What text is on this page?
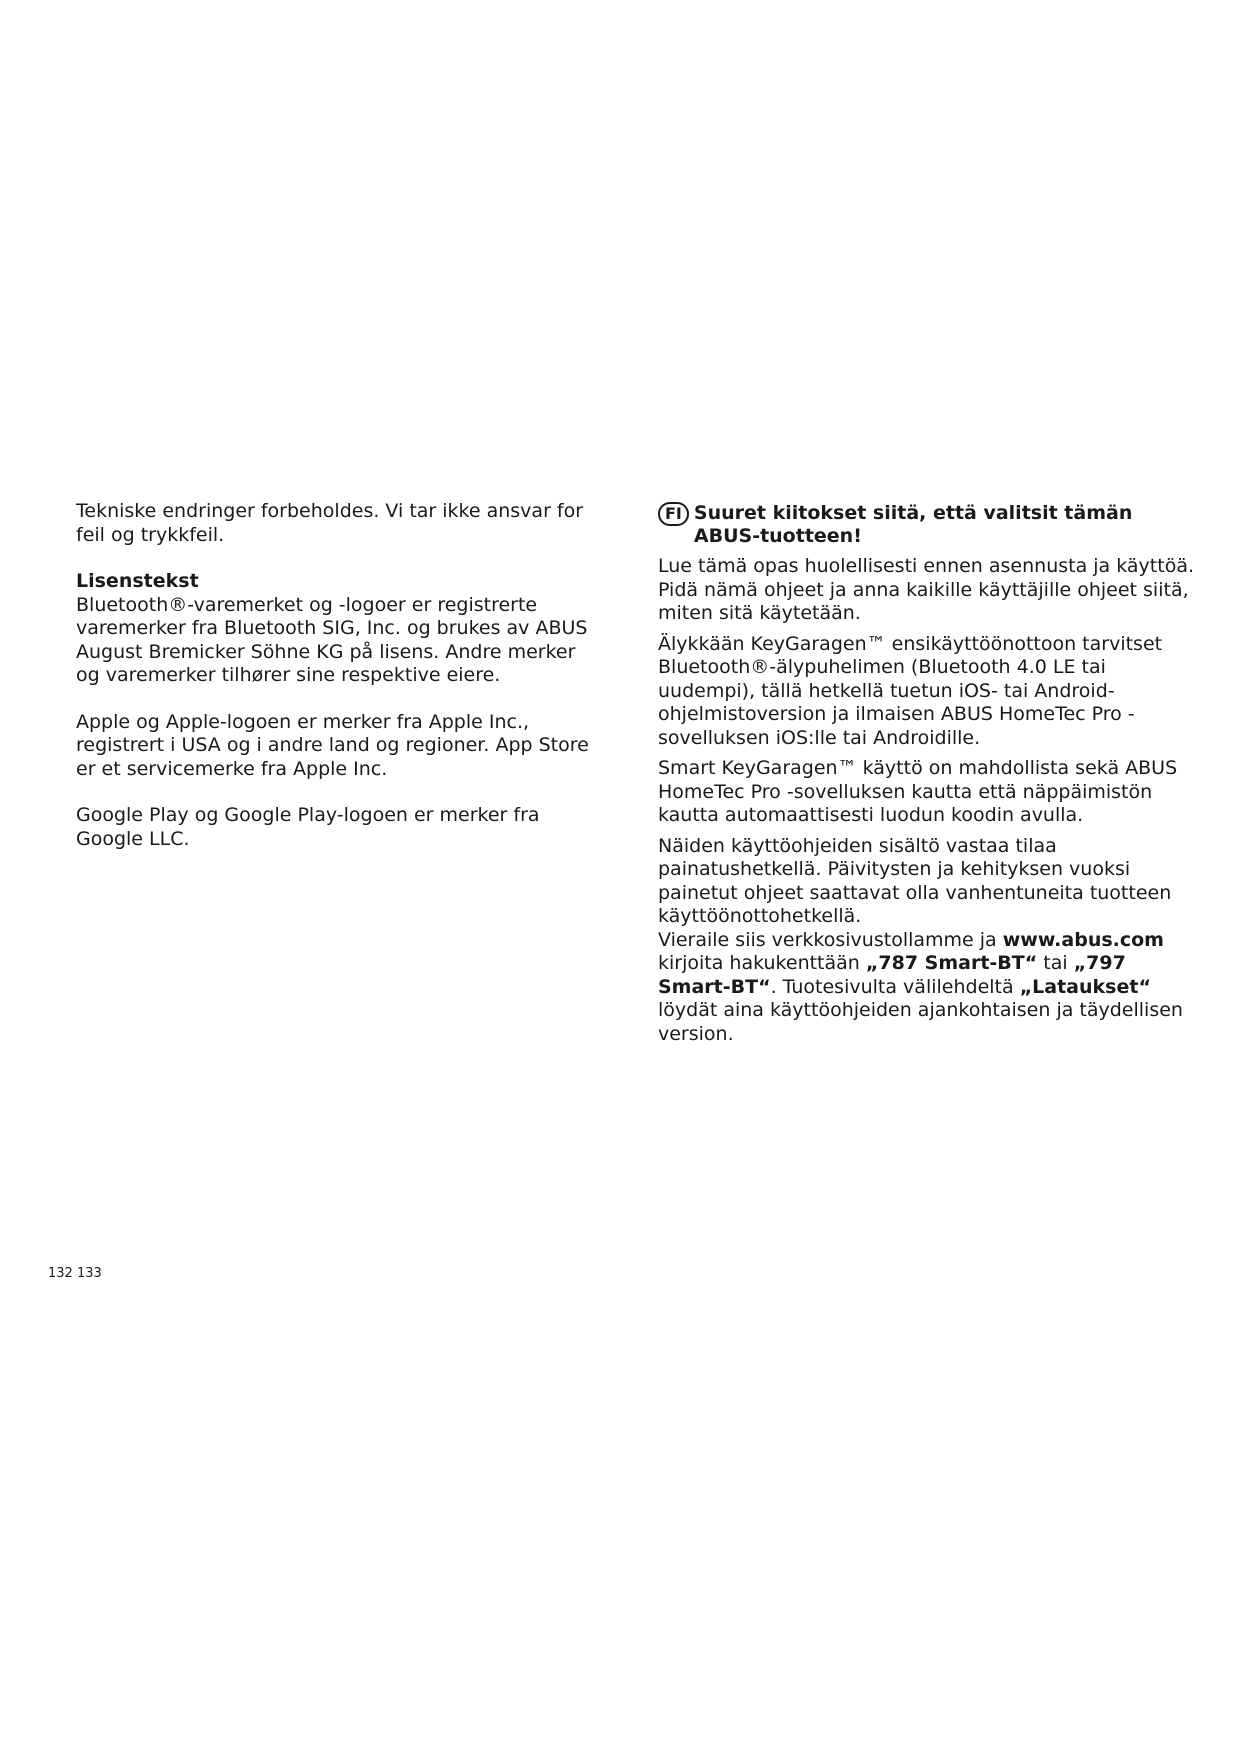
Tekniske endringer forbeholdes. Vi tar ikke ansvar for feil og trykkfeil.

Lisenstekst

Bluetooth®-varemerket og -logoer er registrerte varemerker fra Bluetooth SIG, Inc. og brukes av ABUS August Bremicker Söhne KG på lisens. Andre merker og varemerker tilhører sine respektive eiere.

Apple og Apple-logoen er merker fra Apple Inc., registrert i USA og i andre land og regioner. App Store er et servicemerke fra Apple Inc.

Google Play og Google Play-logoen er merker fra Google LLC.

FI Suuret kiitokset siitä, että valitsit tämän ABUS-tuotteen!

Lue tämä opas huolellisesti ennen asennusta ja käyttöä. Pidä nämä ohjeet ja anna kaikille käyttäjille ohjeet siitä, miten sitä käytetään.

Älykkään KeyGaragen™ ensikäyttöönottoon tarvitset Bluetooth®-älypuhelimen (Bluetooth 4.0 LE tai uudempi), tällä hetkellä tuetun iOS- tai Android-ohjelmistoversion ja ilmaisen ABUS HomeTec Pro -sovelluksen iOS:lle tai Androidille.

Smart KeyGaragen™ käyttö on mahdollista sekä ABUS HomeTec Pro -sovelluksen kautta että näppäimistön kautta automaattisesti luodun koodin avulla.

Näiden käyttöohjeiden sisältö vastaa tilaa painatushetkellä. Päivitysten ja kehityksen vuoksi painetut ohjeet saattavat olla vanhentuneita tuotteen käyttöönottohetkellä.

Vieraile siis verkkosivustollamme ja www.abus.com kirjoita hakukenttään „787 Smart-BT“ tai „797 Smart-BT“. Tuotesivulta välilehdeltä „Lataukset“ löydät aina käyttöohjeiden ajankohtaisen ja täydellisen version.

132 133
